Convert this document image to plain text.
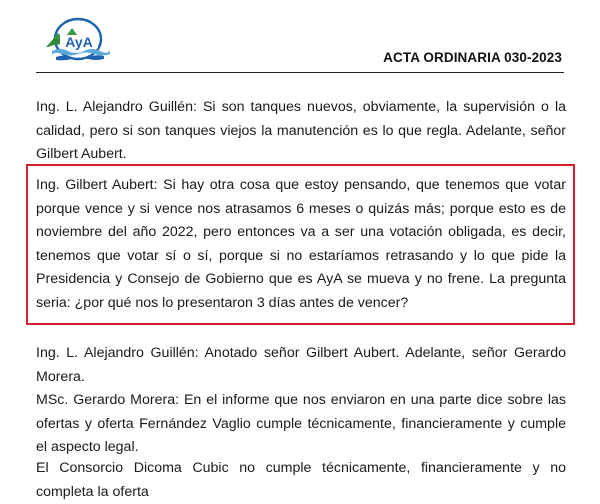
AyA
ACTA ORDINARIA 030-2023

Ing. L. Alejandro Guillén: Si son tanques nuevos, obviamente, la supervisión o la calidad, pero si son tanques viejos la manutención es lo que regla. Adelante, señor Gilbert Aubert.

Ing. Gilbert Aubert: Si hay otra cosa que estoy pensando, que tenemos que votar porque vence y si vence nos atrasamos 6 meses o quizás más; porque esto es de noviembre del año 2022, pero entonces va a ser una votación obligada, es decir, tenemos que votar sí o sí, porque si no estaríamos retrasando y lo que pide la Presidencia y Consejo de Gobierno que es AyA se mueva y no frene. La pregunta seria: ¿por qué nos lo presentaron 3 días antes de vencer?

Ing. L. Alejandro Guillén: Anotado señor Gilbert Aubert. Adelante, señor Gerardo Morera.

MSc. Gerardo Morera: En el informe que nos enviaron en una parte dice sobre las ofertas y oferta Fernández Vaglio cumple técnicamente, financieramente y cumple el aspecto legal.

El Consorcio Dicoma Cubic no cumple técnicamente, financieramente y no completa la oferta
